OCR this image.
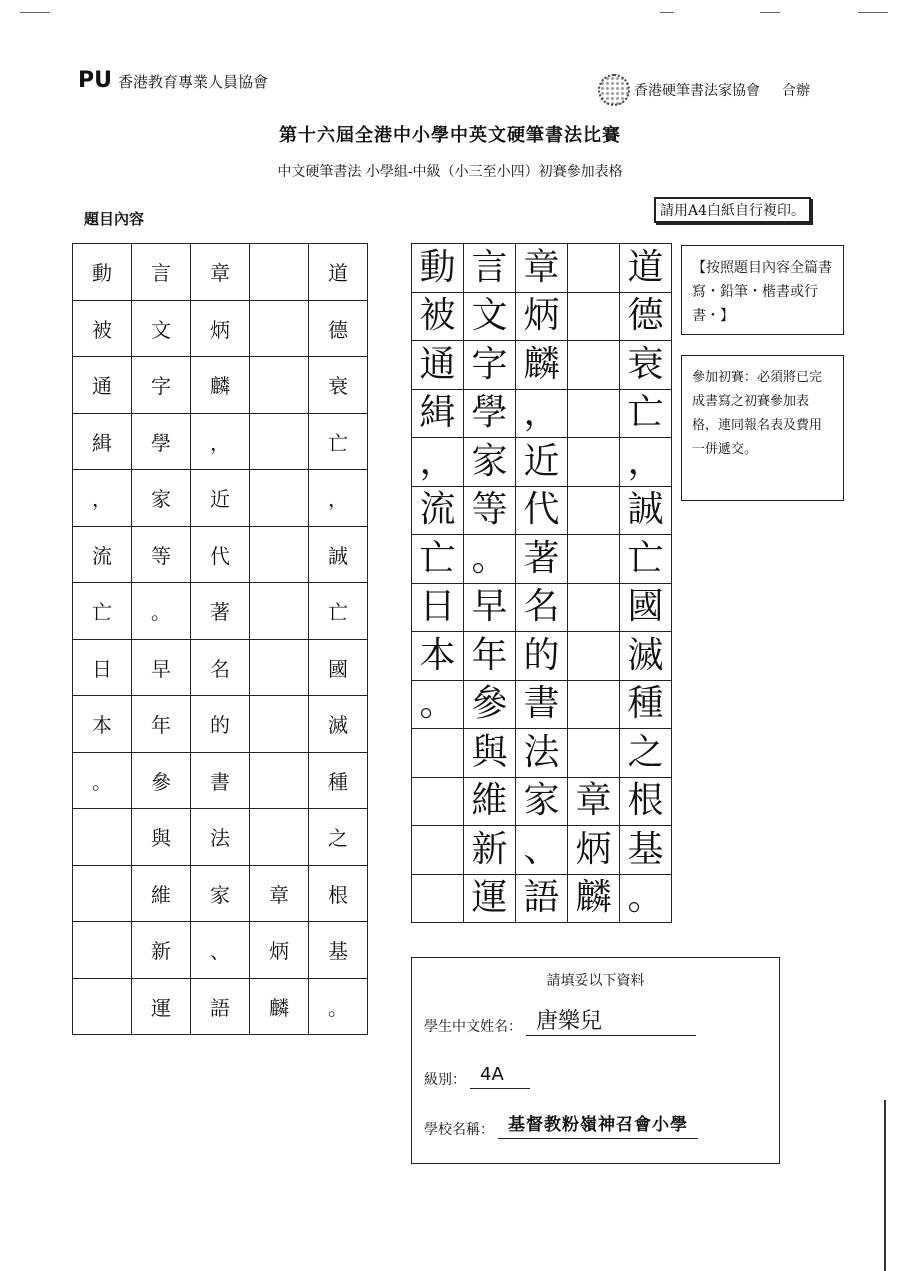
PU 香港教育專業人員協會
香港硬筆書法家協會 合辦
第十六屆全港中小學中英文硬筆書法比賽
中文硬筆書法 小學組-中級（小三至小四）初賽參加表格
題目內容	請用A4白紙自行複印。
動	言	章		道
被	文	炳		德
通	字	麟		衰
緝	學	，		亡
，	家	近		，
流	等	代		誠
亡	。	著		亡
日	早	名		國
本	年	的		滅
。	參	書		種
	與	法		之
	維	家	章	根
	新	、	炳	基
	運	語	麟	。
動	言	章		道
被	文	炳		德
通	字	麟		衰
緝	學	，		亡
，	家	近		，
流	等	代		誠
亡	。	著		亡
日	早	名		國
本	年	的		滅
。	參	書		種
	與	法		之
	維	家	章	根
	新	、	炳	基
	運	語	麟	。
【按照題目內容全篇書寫・鉛筆・楷書或行書・】
參加初賽：必須將已完成書寫之初賽參加表格，連同報名表及費用一併遞交。
請填妥以下資料
學生中文姓名： 唐樂兒
級別： 4A
學校名稱： 基督教粉嶺神召會小學
